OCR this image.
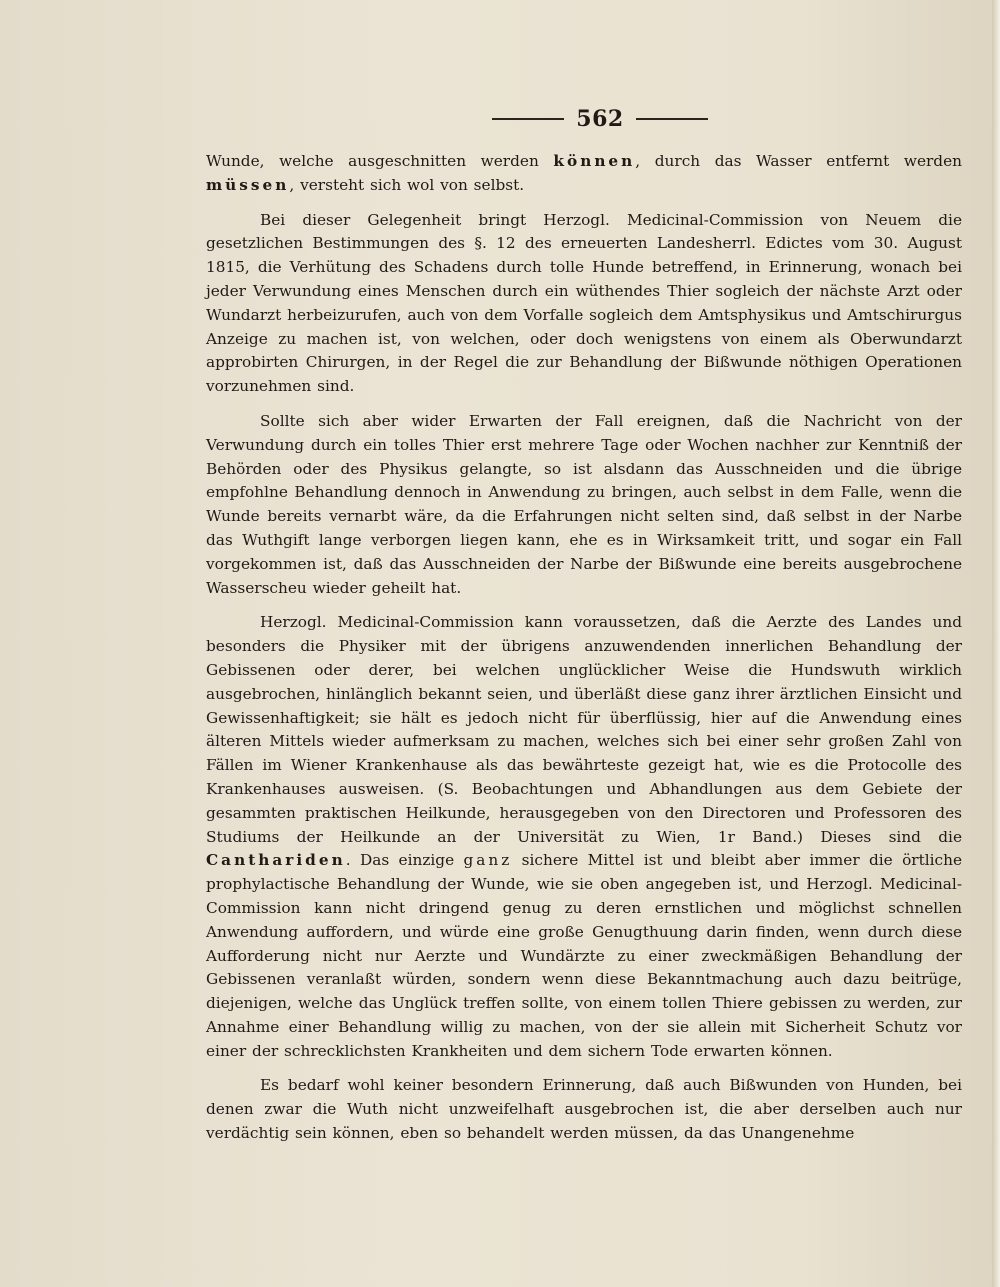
562

Wunde, welche ausgeschnitten werden können, durch das Wasser entfernt werden müssen, versteht sich wol von selbst.

Bei dieser Gelegenheit bringt Herzogl. Medicinal-Commission von Neuem die gesetzlichen Bestimmungen des §. 12 des erneuerten Landesherrl. Edictes vom 30. August 1815, die Verhütung des Schadens durch tolle Hunde betreffend, in Erinnerung, wonach bei jeder Verwundung eines Menschen durch ein wüthendes Thier sogleich der nächste Arzt oder Wundarzt herbeizurufen, auch von dem Vorfalle sogleich dem Amtsphysikus und Amtschirurgus Anzeige zu machen ist, von welchen, oder doch wenigstens von einem als Oberwundarzt approbirten Chirurgen, in der Regel die zur Behandlung der Bißwunde nöthigen Operationen vorzunehmen sind.

Sollte sich aber wider Erwarten der Fall ereignen, daß die Nachricht von der Verwundung durch ein tolles Thier erst mehrere Tage oder Wochen nachher zur Kenntniß der Behörden oder des Physikus gelangte, so ist alsdann das Ausschneiden und die übrige empfohlne Behandlung dennoch in Anwendung zu bringen, auch selbst in dem Falle, wenn die Wunde bereits vernarbt wäre, da die Erfahrungen nicht selten sind, daß selbst in der Narbe das Wuthgift lange verborgen liegen kann, ehe es in Wirksamkeit tritt, und sogar ein Fall vorgekommen ist, daß das Ausschneiden der Narbe der Bißwunde eine bereits ausgebrochene Wasserscheu wieder geheilt hat.

Herzogl. Medicinal-Commission kann voraussetzen, daß die Aerzte des Landes und besonders die Physiker mit der übrigens anzuwendenden innerlichen Behandlung der Gebissenen oder derer, bei welchen unglücklicher Weise die Hundswuth wirklich ausgebrochen, hinlänglich bekannt seien, und überläßt diese ganz ihrer ärztlichen Einsicht und Gewissenhaftigkeit; sie hält es jedoch nicht für überflüssig, hier auf die Anwendung eines älteren Mittels wieder aufmerksam zu machen, welches sich bei einer sehr großen Zahl von Fällen im Wiener Krankenhause als das bewährteste gezeigt hat, wie es die Protocolle des Krankenhauses ausweisen. (S. Beobachtungen und Abhandlungen aus dem Gebiete der gesammten praktischen Heilkunde, herausgegeben von den Directoren und Professoren des Studiums der Heilkunde an der Universität zu Wien, 1r Band.) Dieses sind die Canthariden. Das einzige ganz sichere Mittel ist und bleibt aber immer die örtliche prophylactische Behandlung der Wunde, wie sie oben angegeben ist, und Herzogl. Medicinal-Commission kann nicht dringend genug zu deren ernstlichen und möglichst schnellen Anwendung auffordern, und würde eine große Genugthuung darin finden, wenn durch diese Aufforderung nicht nur Aerzte und Wundärzte zu einer zweckmäßigen Behandlung der Gebissenen veranlaßt würden, sondern wenn diese Bekanntmachung auch dazu beitrüge, diejenigen, welche das Unglück treffen sollte, von einem tollen Thiere gebissen zu werden, zur Annahme einer Behandlung willig zu machen, von der sie allein mit Sicherheit Schutz vor einer der schrecklichsten Krankheiten und dem sichern Tode erwarten können.

Es bedarf wohl keiner besondern Erinnerung, daß auch Bißwunden von Hunden, bei denen zwar die Wuth nicht unzweifelhaft ausgebrochen ist, die aber derselben auch nur verdächtig sein können, eben so behandelt werden müssen, da das Unangenehme
